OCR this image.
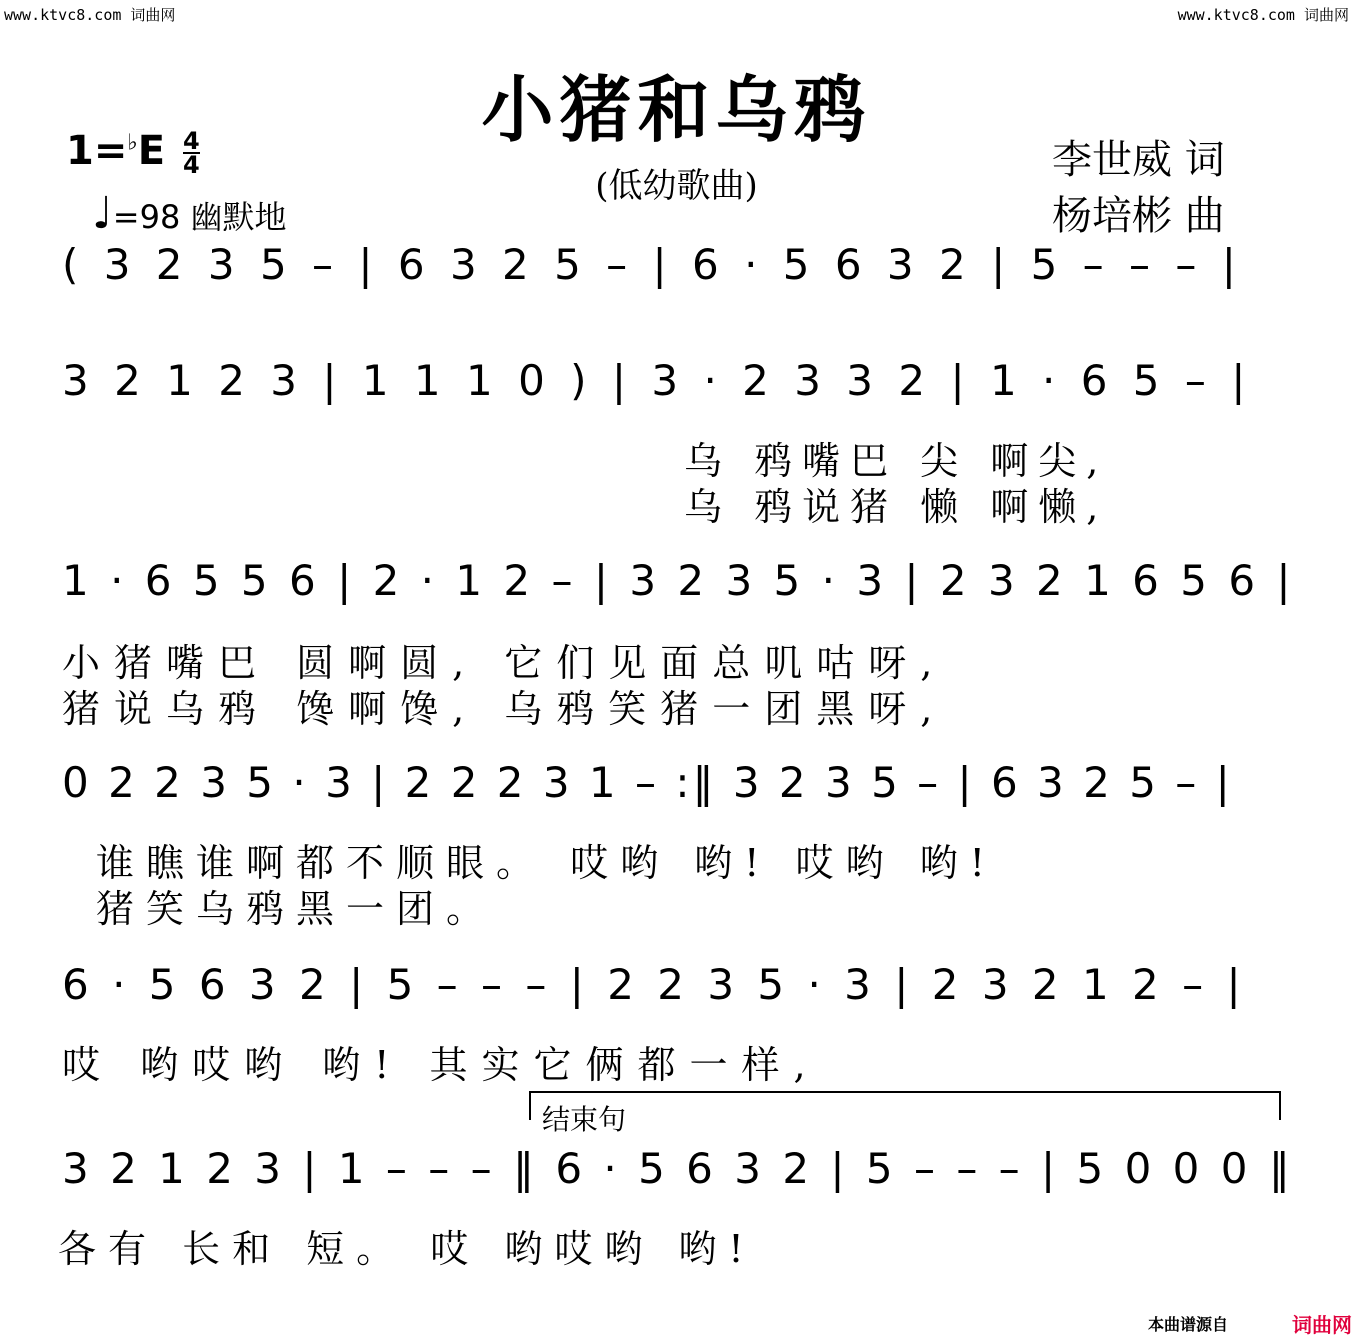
www.ktvc8.com 词曲网	www.ktvc8.com 词曲网
小猪和乌鸦
(低幼歌曲)
$1=^♭E \frac{4}{4}$
♩=98 幽默地
李世威 词
杨培彬 曲
( 3 2 3 5 – | 6 3 2 5 – | 6 · 5 6 3 2 | 5 – – – |
3 2 1 2 3 | 1 1 1 0 ) | 3 · 2 3 3 2 | 1 · 6 5 – |
乌 鸦嘴巴 尖 啊尖,
乌 鸦说猪 懒 啊懒,
1 · 6 5 5 6 | 2 · 1 2 – | 3 2 3 5 · 3 | 2 3 2 1 6 5 6 |
小猪嘴巴 圆啊圆, 它们见面总叽咕呀,
猪说乌鸦 馋啊馋, 乌鸦笑猪一团黑呀,
0 2 2 3 5 · 3 | 2 2 2 3 1 – :‖ 3 2 3 5 – | 6 3 2 5 – |
谁瞧谁啊都不顺眼。 哎哟 哟! 哎哟 哟!
猪笑乌鸦黑一团。
6 · 5 6 3 2 | 5 – – – | 2 2 3 5 · 3 | 2 3 2 1 2 – |
哎 哟哎哟 哟! 其实它俩都一样,
结束句
3 2 1 2 3 | 1 – – – ‖ 6 · 5 6 3 2 | 5 – – – | 5 0 0 0 ‖
各有 长和 短。 哎 哟哎哟 哟!
本曲谱源自	词曲网
